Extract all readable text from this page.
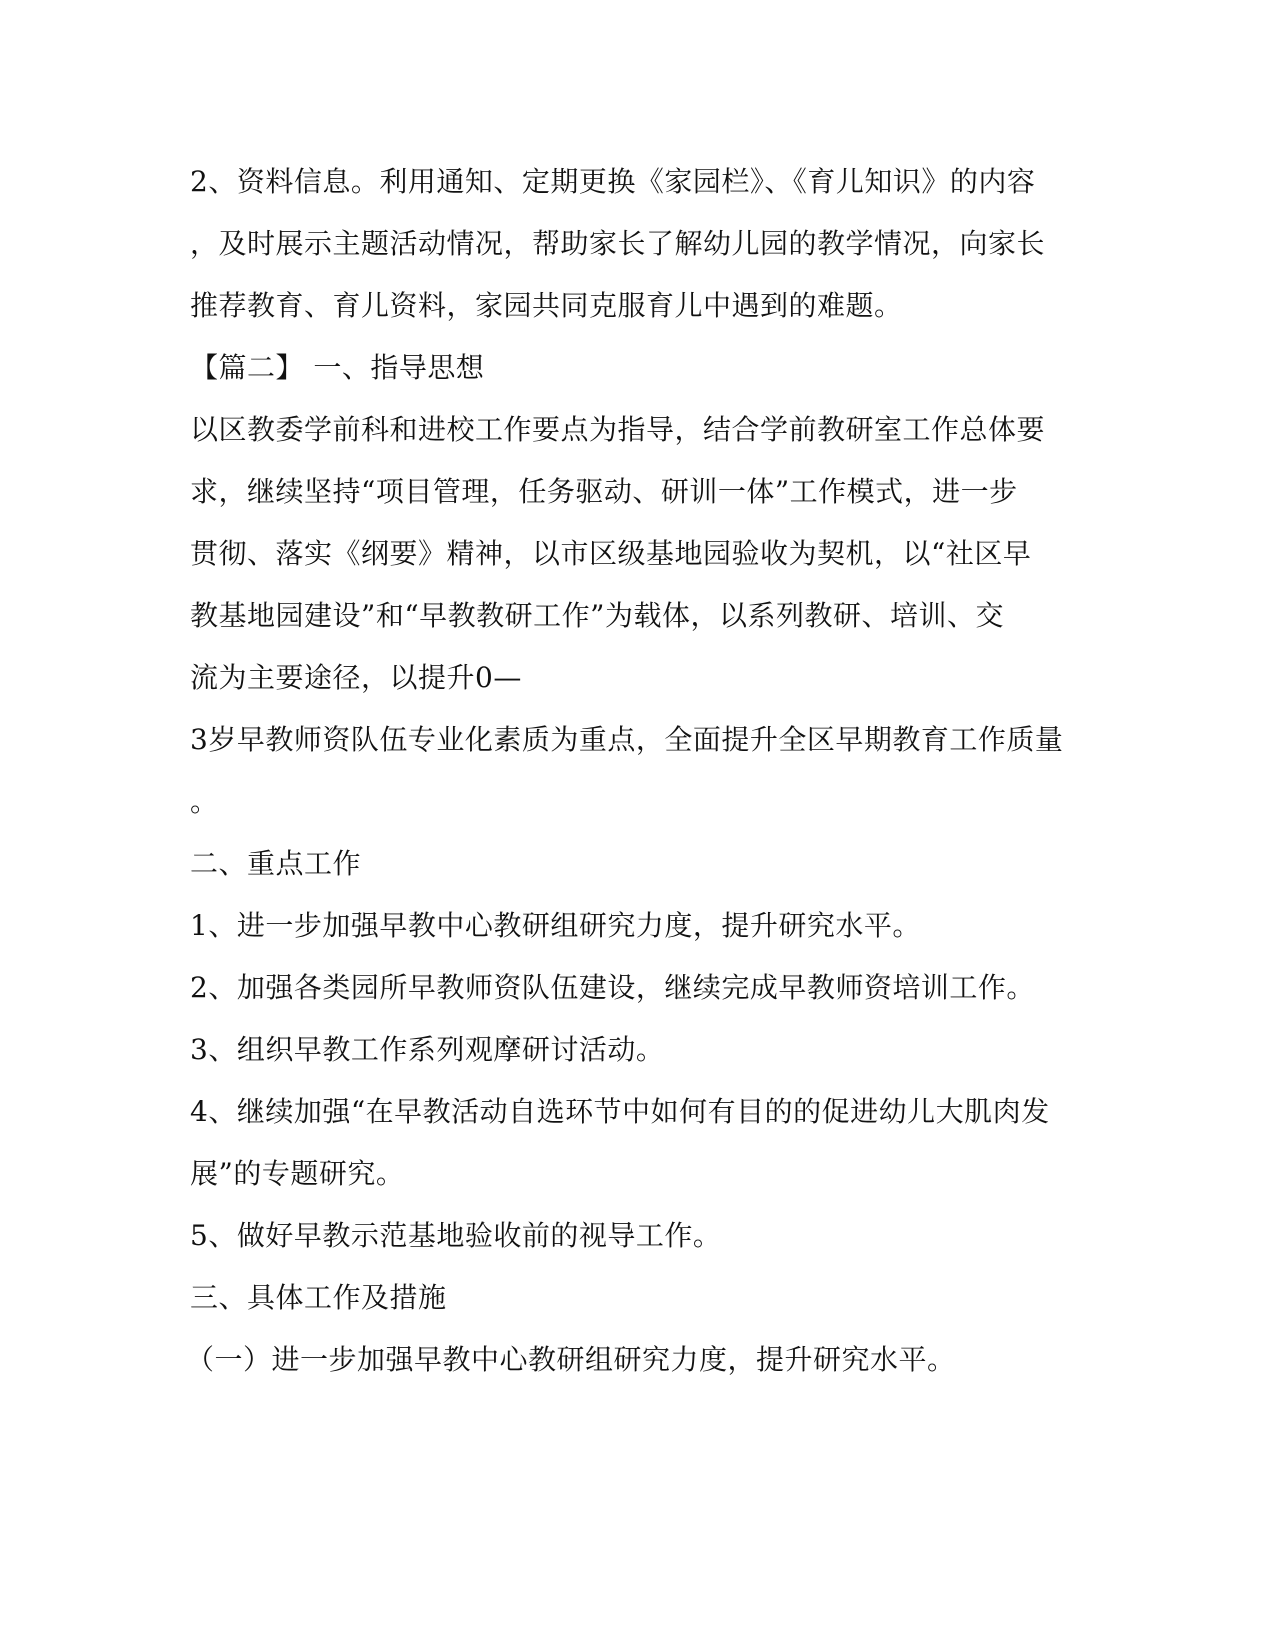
2、资料信息。利用通知、定期更换《家园栏》、《育儿知识》的内容
，及时展示主题活动情况，帮助家长了解幼儿园的教学情况，向家长
推荐教育、育儿资料，家园共同克服育儿中遇到的难题。
【篇二】 一、指导思想
以区教委学前科和进校工作要点为指导，结合学前教研室工作总体要
求，继续坚持“项目管理，任务驱动、研训一体”工作模式，进一步
贯彻、落实《纲要》精神，以市区级基地园验收为契机，以“社区早
教基地园建设”和“早教教研工作”为载体，以系列教研、培训、交
流为主要途径，以提升0—
3岁早教师资队伍专业化素质为重点，全面提升全区早期教育工作质量
。
二、重点工作
1、进一步加强早教中心教研组研究力度，提升研究水平。
2、加强各类园所早教师资队伍建设，继续完成早教师资培训工作。
3、组织早教工作系列观摩研讨活动。
4、继续加强“在早教活动自选环节中如何有目的的促进幼儿大肌肉发
展”的专题研究。
5、做好早教示范基地验收前的视导工作。
三、具体工作及措施
（一）进一步加强早教中心教研组研究力度，提升研究水平。
